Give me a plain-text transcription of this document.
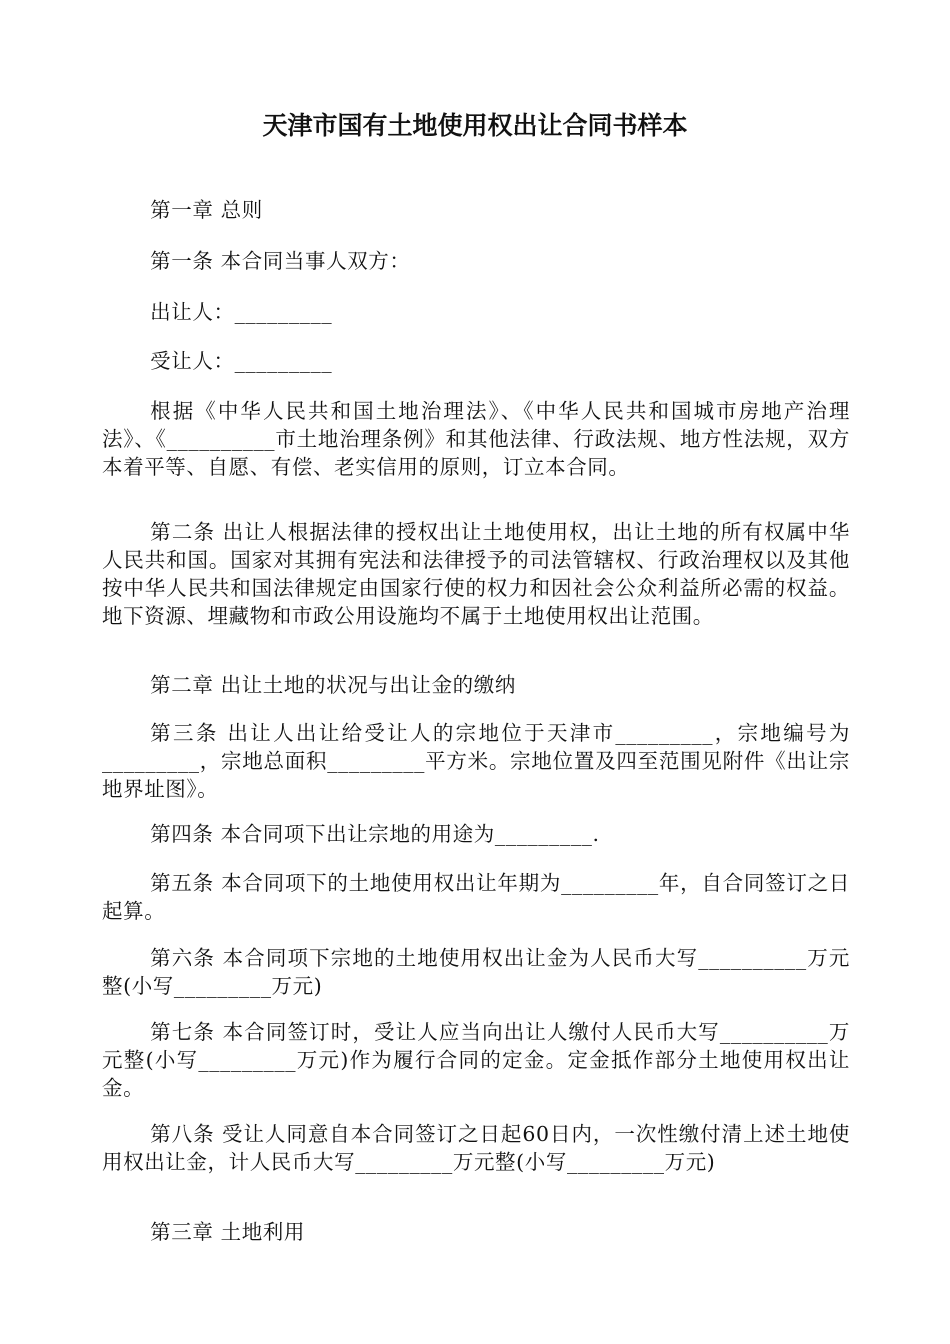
天津市国有土地使用权出让合同书样本

第一章 总则

第一条 本合同当事人双方：

出让人：_________

受让人：_________

根据《中华人民共和国土地治理法》、《中华人民共和国城市房地产治理法》、《__________市土地治理条例》和其他法律、行政法规、地方性法规，双方本着平等、自愿、有偿、老实信用的原则，订立本合同。

第二条 出让人根据法律的授权出让土地使用权，出让土地的所有权属中华人民共和国。国家对其拥有宪法和法律授予的司法管辖权、行政治理权以及其他按中华人民共和国法律规定由国家行使的权力和因社会公众利益所必需的权益。地下资源、埋藏物和市政公用设施均不属于土地使用权出让范围。

第二章 出让土地的状况与出让金的缴纳

第三条 出让人出让给受让人的宗地位于天津市_________，宗地编号为_________，宗地总面积_________平方米。宗地位置及四至范围见附件《出让宗地界址图》。

第四条 本合同项下出让宗地的用途为_________.

第五条 本合同项下的土地使用权出让年期为_________年，自合同签订之日起算。

第六条 本合同项下宗地的土地使用权出让金为人民币大写__________万元整(小写_________万元)

第七条 本合同签订时，受让人应当向出让人缴付人民币大写__________万元整(小写_________万元)作为履行合同的定金。定金抵作部分土地使用权出让金。

第八条 受让人同意自本合同签订之日起60日内，一次性缴付清上述土地使用权出让金，计人民币大写_________万元整(小写_________万元)

第三章 土地利用
